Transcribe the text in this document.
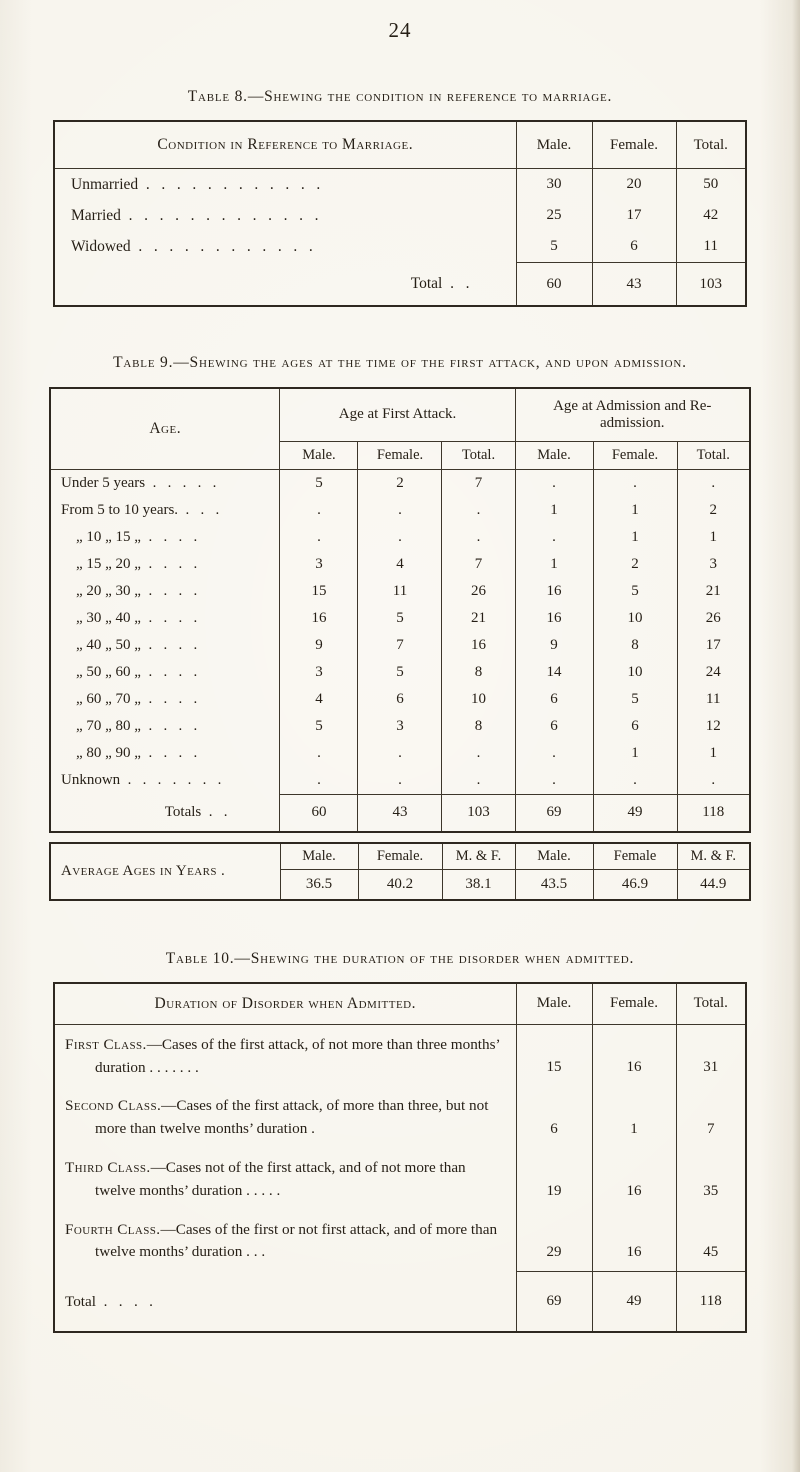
24
Table 8.—Shewing the condition in reference to marriage.
Condition in Reference to Marriage.	Male.	Female.	Total.
Unmarried  .   .   .   .   .   .   .   .   .   .   .   .	30	20	50
Married  .   .   .   .   .   .   .   .   .   .   .   .   .	25	17	42
Widowed  .   .   .   .   .   .   .   .   .   .   .   .	5	6	11
Total  .   .	60	43	103
Table 9.—Shewing the ages at the time of the first attack, and upon admission.
Age.	Age at First Attack.			Age at Admission and Re-admission.		
	Male.	Female.	Total.	Male.	Female.	Total.
Under 5 years  .   .   .   .   .	5	2	7	.	.	.
From 5 to 10 years.  .   .   .	.	.	.	1	1	2
„ 10 „ 15 „  .   .   .   .	.	.	.	.	1	1
„ 15 „ 20 „  .   .   .   .	3	4	7	1	2	3
„ 20 „ 30 „  .   .   .   .	15	11	26	16	5	21
„ 30 „ 40 „  .   .   .   .	16	5	21	16	10	26
„ 40 „ 50 „  .   .   .   .	9	7	16	9	8	17
„ 50 „ 60 „  .   .   .   .	3	5	8	14	10	24
„ 60 „ 70 „  .   .   .   .	4	6	10	6	5	11
„ 70 „ 80 „  .   .   .   .	5	3	8	6	6	12
„ 80 „ 90 „  .   .   .   .	.	.	.	.	1	1
Unknown  .   .   .   .   .   .   .	.	.	.	.	.	.
Totals  .   .	60	43	103	69	49	118
Average Ages in Years .	Male.	Female.	M. & F.	Male.	Female	M. & F.
	36.5	40.2	38.1	43.5	46.9	44.9
Table 10.—Shewing the duration of the disorder when admitted.
Duration of Disorder when Admitted.	Male.	Female.	Total.
First Class.—Cases of the first attack, of not more than three months’ duration . . . . . . .	15	16	31
Second Class.—Cases of the first attack, of more than three, but not more than twelve months’ duration .	6	1	7
Third Class.—Cases not of the first attack, and of not more than twelve months’ duration . . . . .	19	16	35
Fourth Class.—Cases of the first or not first attack, and of more than twelve months’ duration . . .	29	16	45
Total  .   .   .   .	69	49	118
